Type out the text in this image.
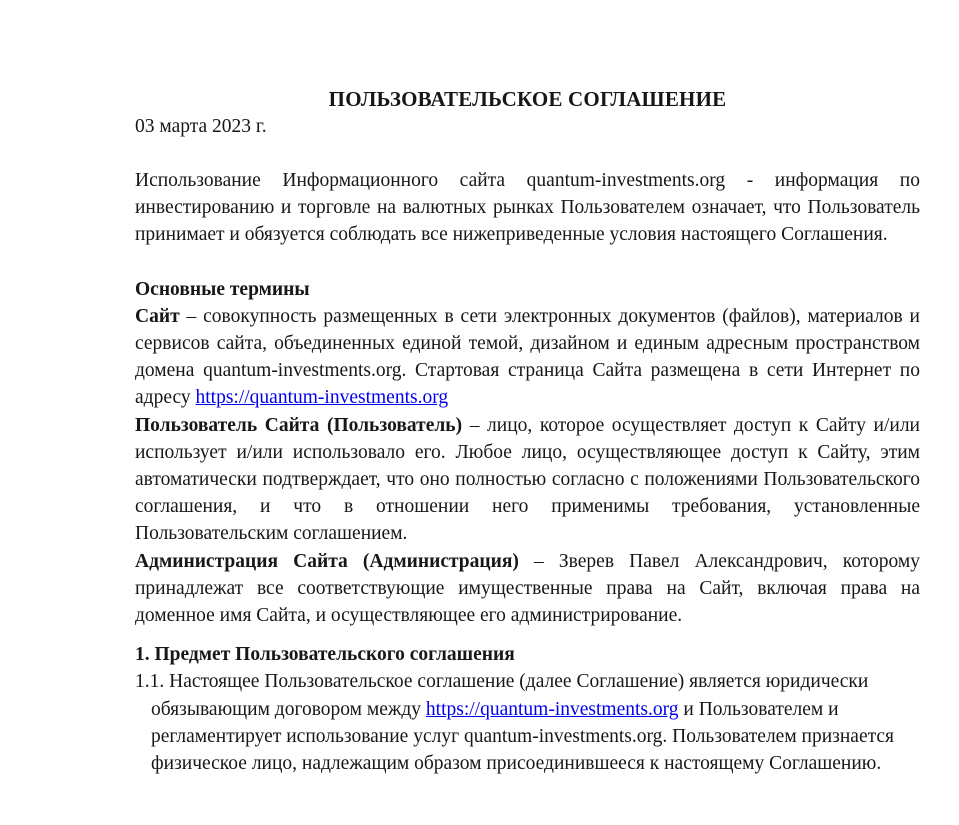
ПОЛЬЗОВАТЕЛЬСКОЕ СОГЛАШЕНИЕ
03 марта 2023 г.

Использование Информационного сайта quantum-investments.org - информация по инвестированию и торговле на валютных рынках Пользователем означает, что Пользователь принимает и обязуется соблюдать все нижеприведенные условия настоящего Соглашения.

Основные термины

Сайт – совокупность размещенных в сети электронных документов (файлов), материалов и сервисов сайта, объединенных единой темой, дизайном и единым адресным пространством домена quantum-investments.org. Стартовая страница Сайта размещена в сети Интернет по адресу https://quantum-investments.org

Пользователь Сайта (Пользователь) – лицо, которое осуществляет доступ к Сайту и/или использует и/или использовало его. Любое лицо, осуществляющее доступ к Сайту, этим автоматически подтверждает, что оно полностью согласно с положениями Пользовательского соглашения, и что в отношении него применимы требования, установленные Пользовательским соглашением.

Администрация Сайта (Администрация) – Зверев Павел Александрович, которому принадлежат все соответствующие имущественные права на Сайт, включая права на доменное имя Сайта, и осуществляющее его администрирование.

1. Предмет Пользовательского соглашения

1.1. Настоящее Пользовательское соглашение (далее Соглашение) является юридически обязывающим договором между https://quantum-investments.org и Пользователем и регламентирует использование услуг quantum-investments.org. Пользователем признается физическое лицо, надлежащим образом присоединившееся к настоящему Соглашению.
